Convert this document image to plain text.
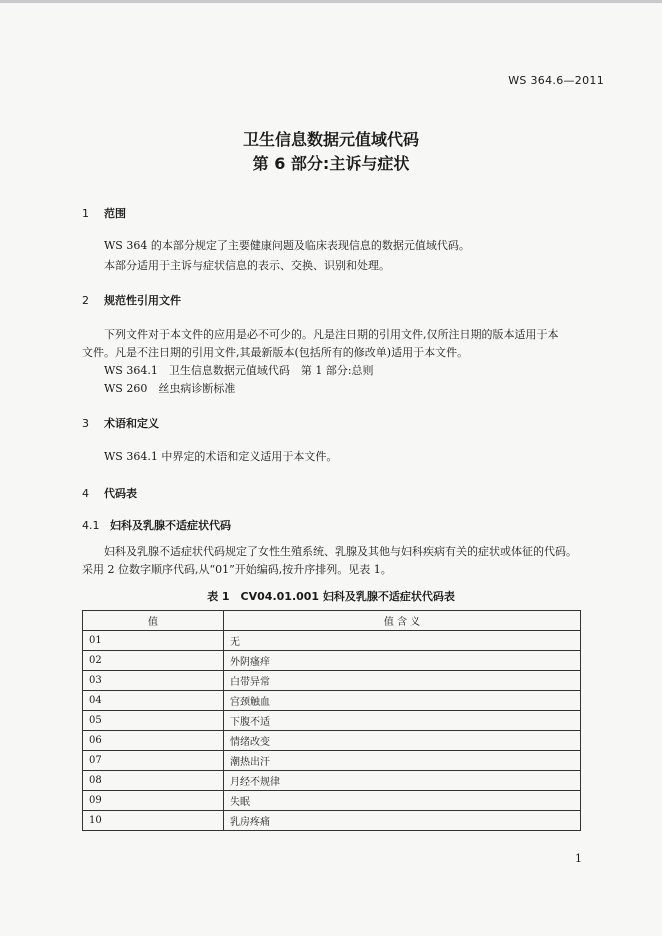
WS 364.6—2011
卫生信息数据元值域代码
第 6 部分:主诉与症状
1 范围
WS 364 的本部分规定了主要健康问题及临床表现信息的数据元值域代码。
本部分适用于主诉与症状信息的表示、交换、识别和处理。
2 规范性引用文件
下列文件对于本文件的应用是必不可少的。凡是注日期的引用文件,仅所注日期的版本适用于本
文件。凡是不注日期的引用文件,其最新版本(包括所有的修改单)适用于本文件。
WS 364.1　卫生信息数据元值域代码　第 1 部分:总则
WS 260　丝虫病诊断标准
3 术语和定义
WS 364.1 中界定的术语和定义适用于本文件。
4 代码表
4.1 妇科及乳腺不适症状代码
妇科及乳腺不适症状代码规定了女性生殖系统、乳腺及其他与妇科疾病有关的症状或体征的代码。
采用 2 位数字顺序代码,从“01”开始编码,按升序排列。见表 1。
表 1　CV04.01.001 妇科及乳腺不适症状代码表
值	值 含 义
01	无
02	外阴瘙痒
03	白带异常
04	宫颈触血
05	下腹不适
06	情绪改变
07	潮热出汗
08	月经不规律
09	失眠
10	乳房疼痛
1
